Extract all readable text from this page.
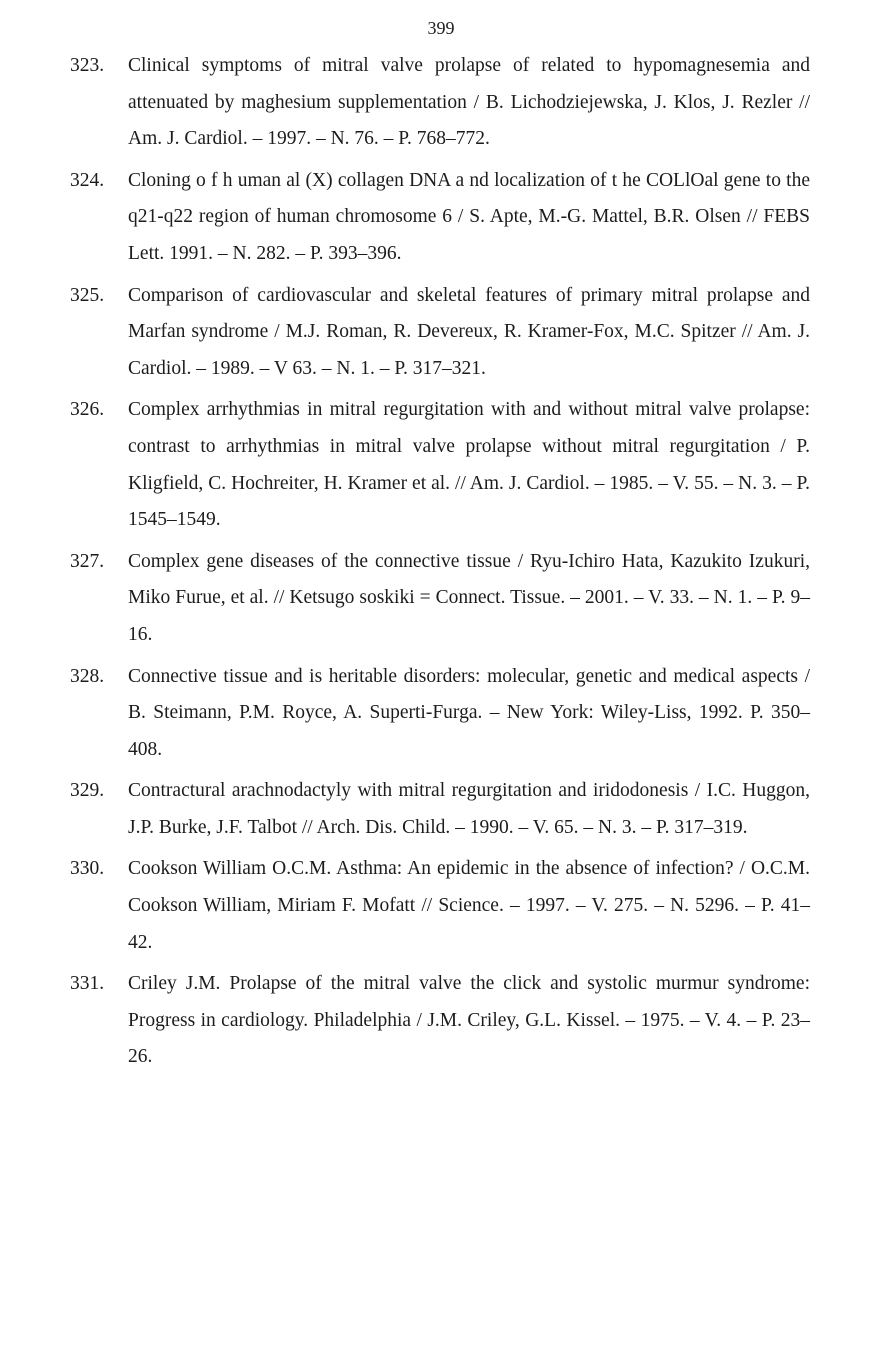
399
323.	Clinical symptoms of mitral valve prolapse of related to hypomagnesemia and attenuated by maghesium supplementation / B. Lichodziejewska, J. Klos, J. Rezler // Am. J. Cardiol. – 1997. – N. 76. – P. 768–772.
324.	Cloning o f h uman al (X) collagen DNA a nd localization of t he COLlOal gene to the q21-q22 region of human chromosome 6 / S. Apte, M.-G. Mattel, B.R. Olsen // FEBS Lett. 1991. – N. 282. – P. 393–396.
325.	Comparison of cardiovascular and skeletal features of primary mitral prolapse and Marfan syndrome / M.J. Roman, R. Devereux, R. Kramer-Fox, M.C. Spitzer // Am. J. Cardiol. – 1989. – V 63. – N. 1. – P. 317–321.
326.	Complex arrhythmias in mitral regurgitation with and without mitral valve prolapse: contrast to arrhythmias in mitral valve prolapse without mitral regurgitation / P. Kligfield, C. Hochreiter, H. Kramer et al. // Am. J. Cardiol. – 1985. – V. 55. – N. 3. – P. 1545–1549.
327.	Complex gene diseases of the connective tissue / Ryu-Ichiro Hata, Kazukito Izukuri, Miko Furue, et al. // Ketsugo soskiki = Connect. Tissue. – 2001. – V. 33. – N. 1. – P. 9–16.
328.	Connective tissue and is heritable disorders: molecular, genetic and medical aspects / B. Steimann, P.M. Royce, A. Superti-Furga. – New York: Wiley-Liss, 1992. P. 350–408.
329.	Contractural arachnodactyly with mitral regurgitation and iridodonesis / I.C. Huggon, J.P. Burke, J.F. Talbot // Arch. Dis. Child. – 1990. – V. 65. – N. 3. – P. 317–319.
330.	Cookson William O.C.M. Asthma: An epidemic in the absence of infection? / O.C.M. Cookson William, Miriam F. Mofatt // Science. – 1997. – V. 275. – N. 5296. – P. 41–42.
331.	Criley J.M. Prolapse of the mitral valve the click and systolic murmur syndrome: Progress in cardiology. Philadelphia / J.M. Criley, G.L. Kissel. – 1975. – V. 4. – P. 23–26.
